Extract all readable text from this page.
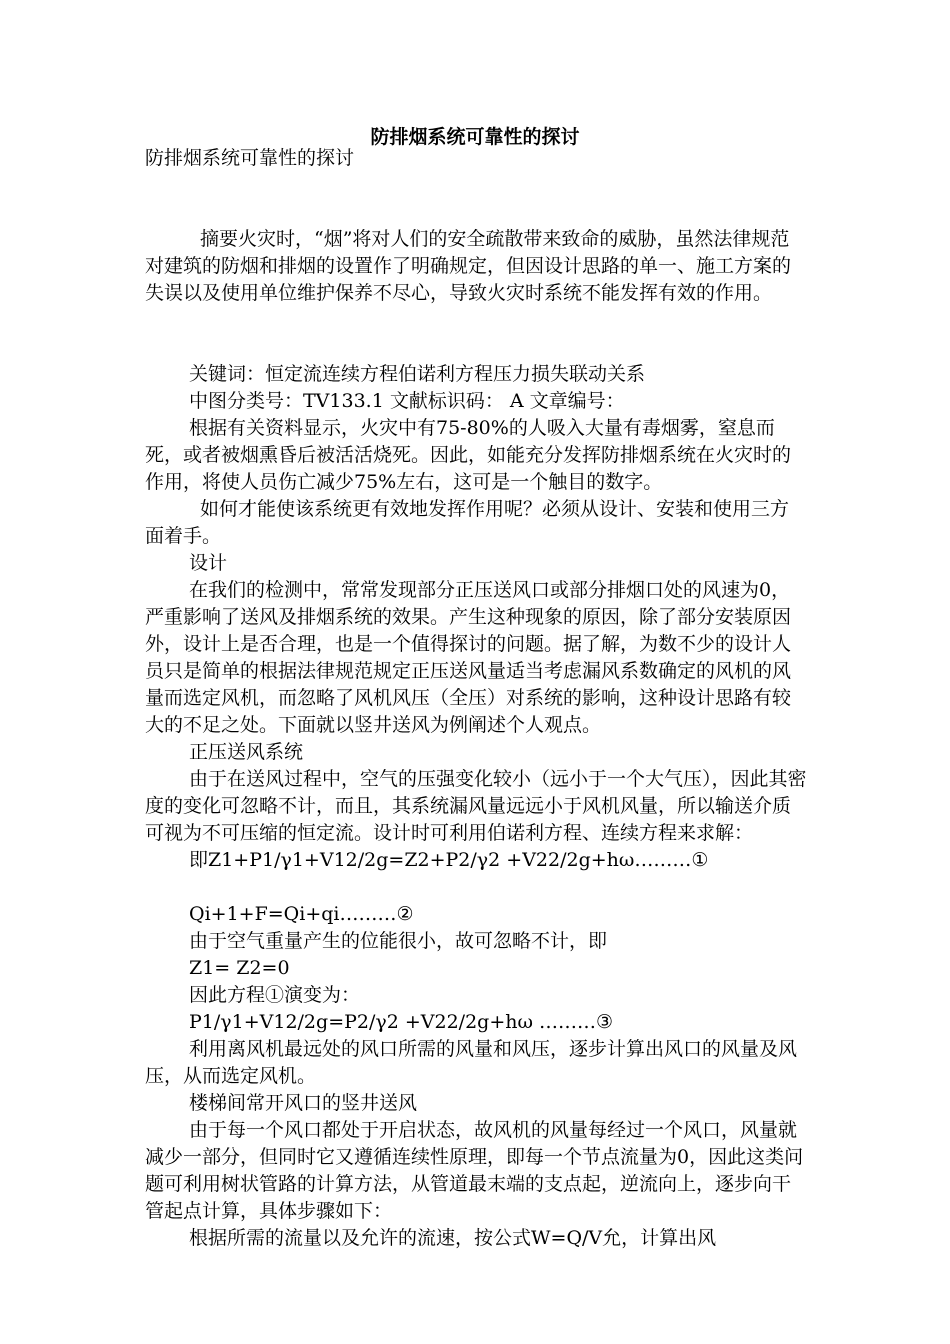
防排烟系统可靠性的探讨

防排烟系统可靠性的探讨

摘要火灾时，“烟”将对人们的安全疏散带来致命的威胁，虽然法律规范对建筑的防烟和排烟的设置作了明确规定，但因设计思路的单一、施工方案的失误以及使用单位维护保养不尽心，导致火灾时系统不能发挥有效的作用。

关键词：恒定流连续方程伯诺利方程压力损失联动关系

中图分类号：TV133.1 文献标识码： A 文章编号：

根据有关资料显示，火灾中有75-80%的人吸入大量有毒烟雾，窒息而死，或者被烟熏昏后被活活烧死。因此，如能充分发挥防排烟系统在火灾时的作用，将使人员伤亡减少75%左右，这可是一个触目的数字。

如何才能使该系统更有效地发挥作用呢？必须从设计、安装和使用三方面着手。

设计

在我们的检测中，常常发现部分正压送风口或部分排烟口处的风速为0，严重影响了送风及排烟系统的效果。产生这种现象的原因，除了部分安装原因外，设计上是否合理，也是一个值得探讨的问题。据了解，为数不少的设计人员只是简单的根据法律规范规定正压送风量适当考虑漏风系数确定的风机的风量而选定风机，而忽略了风机风压（全压）对系统的影响，这种设计思路有较大的不足之处。下面就以竖井送风为例阐述个人观点。

正压送风系统

由于在送风过程中，空气的压强变化较小（远小于一个大气压），因此其密度的变化可忽略不计，而且，其系统漏风量远远小于风机风量，所以输送介质可视为不可压缩的恒定流。设计时可利用伯诺利方程、连续方程来求解：

即Z1+P1/γ1+V12/2g=Z2+P2/γ2 +V22/2g+hω………①

Qi+1+F=Qi+qi………②

由于空气重量产生的位能很小，故可忽略不计，即

Z1= Z2=0

因此方程①演变为：

P1/γ1+V12/2g=P2/γ2 +V22/2g+hω ………③

利用离风机最远处的风口所需的风量和风压，逐步计算出风口的风量及风压，从而选定风机。

楼梯间常开风口的竖井送风

由于每一个风口都处于开启状态，故风机的风量每经过一个风口，风量就减少一部分，但同时它又遵循连续性原理，即每一个节点流量为0，因此这类问题可利用树状管路的计算方法，从管道最末端的支点起，逆流向上，逐步向干管起点计算，具体步骤如下：

根据所需的流量以及允许的流速，按公式W=Q/V允，计算出风
